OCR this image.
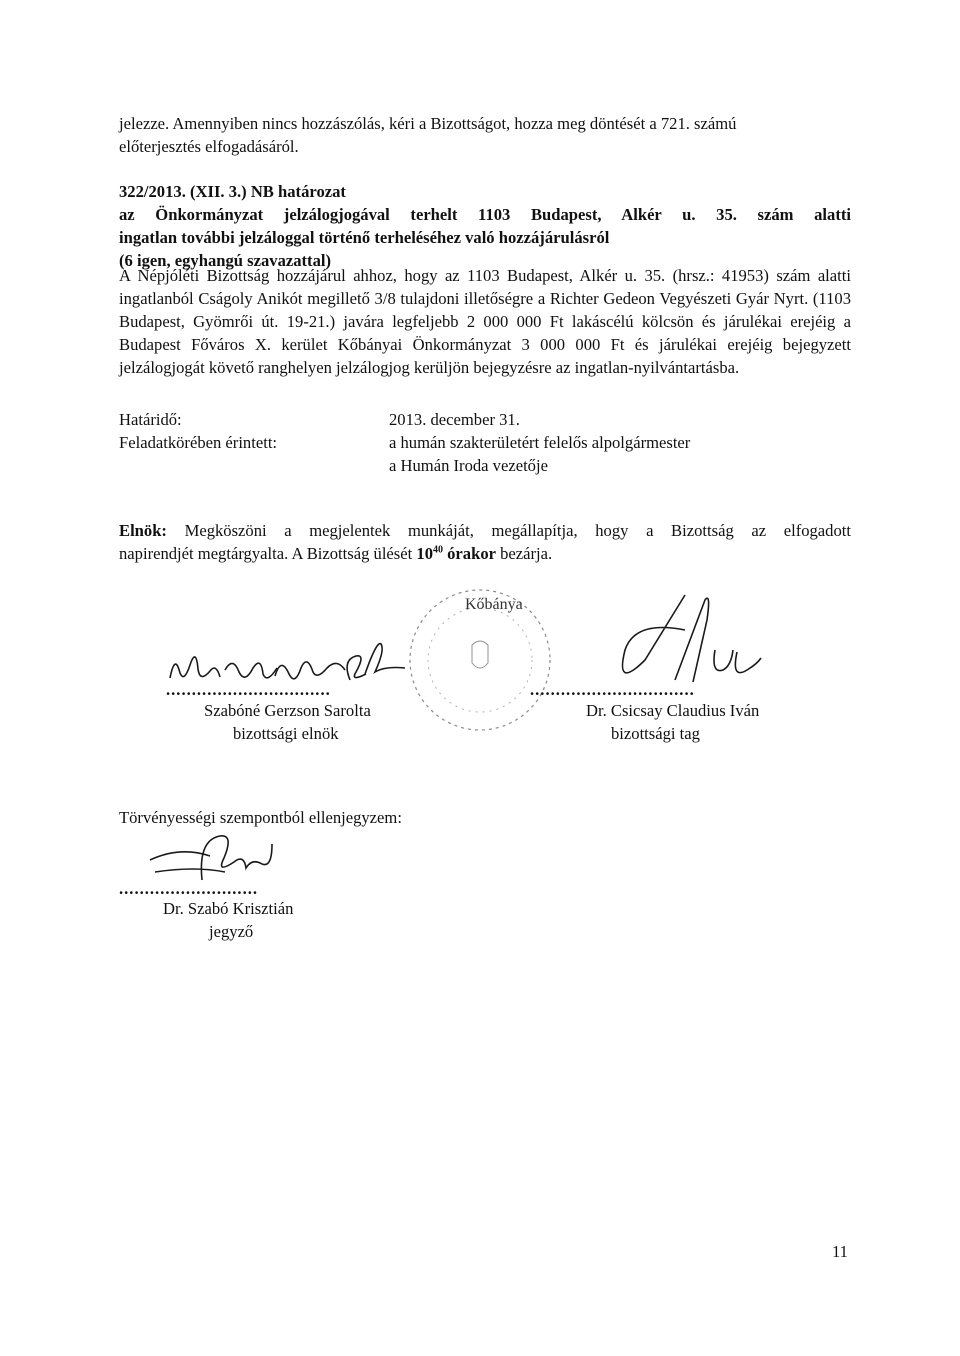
jelezze. Amennyiben nincs hozzászólás, kéri a Bizottságot, hozza meg döntését a 721. számú
előterjesztés elfogadásáról.
322/2013. (XII. 3.) NB határozat
az Önkormányzat jelzálogjogával terhelt 1103 Budapest, Alkér u. 35. szám alatti
ingatlan további jelzáloggal történő terheléséhez való hozzájárulásról
(6 igen, egyhangú szavazattal)
A Népjóléti Bizottság hozzájárul ahhoz, hogy az 1103 Budapest, Alkér u. 35. (hrsz.: 41953) szám alatti ingatlanból Cságoly Anikót megillető 3/8 tulajdoni illetőségre a Richter Gedeon Vegyészeti Gyár Nyrt. (1103 Budapest, Gyömrői út. 19-21.) javára legfeljebb 2 000 000 Ft lakáscélú kölcsön és járulékai erejéig a Budapest Főváros X. kerület Kőbányai Önkormányzat 3 000 000 Ft és járulékai erejéig bejegyzett jelzálogjogát követő ranghelyen jelzálogjog kerüljön bejegyzésre az ingatlan-nyilvántartásba.
Határidő:	2013. december 31.
Feladatkörében érintett:	a humán szakterületért felelős alpolgármester
a Humán Iroda vezetője
Elnök: Megköszöni a megjelentek munkáját, megállapítja, hogy a Bizottság az elfogadott
napirendjét megtárgyalta. A Bizottság ülését $10^{40}$ órakor bezárja.
Kőbánya
................................	................................
Szabóné Gerzson Sarolta
bizottsági elnök
Dr. Csicsay Claudius Iván
bizottsági tag
Törvényességi szempontból ellenjegyzem:
...........................
Dr. Szabó Krisztián
jegyző
11
